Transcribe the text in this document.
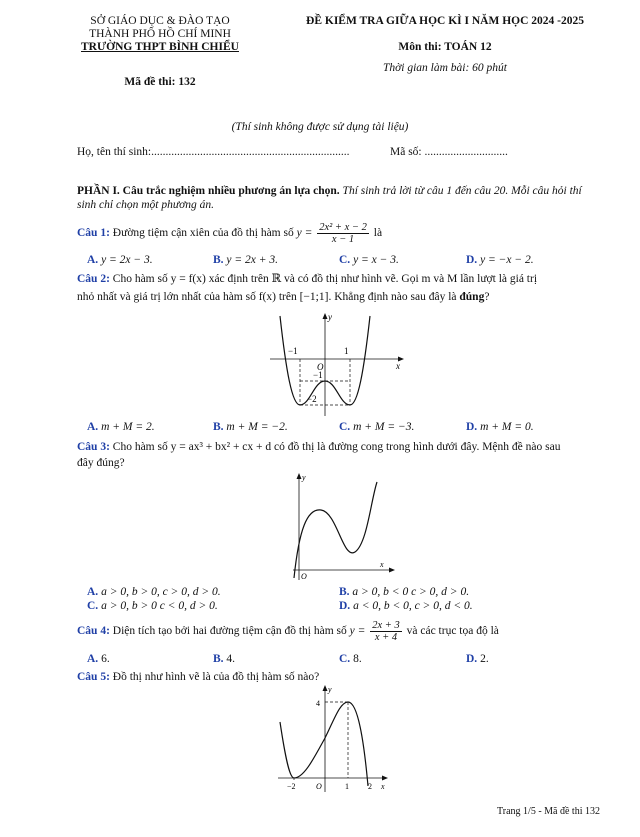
SỞ GIÁO DỤC & ĐÀO TẠO
THÀNH PHỐ HỒ CHÍ MINH
TRƯỜNG THPT BÌNH CHIỂU
Mã đề thi: 132
ĐỀ KIỂM TRA GIỮA HỌC KÌ I NĂM HỌC 2024 -2025
Môn thi: TOÁN 12
Thời gian làm bài: 60 phút
(Thí sinh không được sử dụng tài liệu)
Họ, tên thí sinh:.....................................................................	Mã số: .............................
PHẦN I. Câu trắc nghiệm nhiều phương án lựa chọn. Thí sinh trả lời từ câu 1 đến câu 20. Mỗi câu hỏi thí sinh chỉ chọn một phương án.
Câu 1: Đường tiệm cận xiên của đồ thị hàm số $y = \frac{\text{2x² + x − 2}}{x - 1}$ là
A. y = 2x − 3.	B. y = 2x + 3.	C. y = x − 3.	D. y = −x − 2.
Câu 2: Cho hàm số y = f(x) xác định trên ℝ và có đồ thị như hình vẽ. Gọi m và M lần lượt là giá trị
nhỏ nhất và giá trị lớn nhất của hàm số f(x) trên [−1;1]. Khẳng định nào sau đây là đúng?
y
x
O
−1	1
−1
−2
A. m + M = 2.	B. m + M = −2.	C. m + M = −3.	D. m + M = 0.
Câu 3: Cho hàm số y = ax³ + bx² + cx + d có đồ thị là đường cong trong hình dưới đây. Mệnh đề nào sau
đây đúng?
y
x
O
A. a > 0, b > 0, c > 0, d > 0.	B. a > 0, b < 0 c > 0, d > 0.
C. a > 0, b > 0 c < 0, d > 0.	D. a < 0, b < 0, c > 0, d < 0.
Câu 4: Diện tích tạo bởi hai đường tiệm cận đồ thị hàm số $y = \frac{2x + 3}{x + 4}$ và các trục tọa độ là
A. 6.	B. 4.	C. 8.	D. 2.
Câu 5: Đồ thị như hình vẽ là của đồ thị hàm số nào?
y
x
O
−2	1 2
4
Trang 1/5 - Mã đề thi 132
